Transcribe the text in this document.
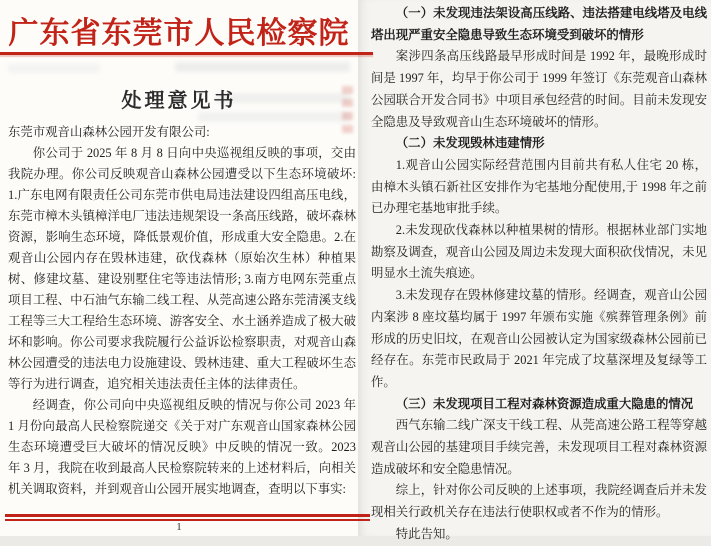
广东省东莞市人民检察院
处理意见书

东莞市观音山森林公园开发有限公司:

你公司于 2025 年 8 月 8 日向中央巡视组反映的事项，交由我院办理。你公司反映观音山森林公园遭受以下生态环境破坏: 1.广东电网有限责任公司东莞市供电局违法建设四组高压电线，东莞市樟木头镇樟洋电厂违法违规架设一条高压线路，破坏森林资源，影响生态环境，降低景观价值，形成重大安全隐患。2.在观音山公园内存在毁林违建，砍伐森林（原始次生林）种植果树、修建坟墓、建设别墅住宅等违法情形; 3.南方电网东莞重点项目工程、中石油气东输二线工程、从莞高速公路东莞清溪支线工程等三大工程给生态环境、游客安全、水土涵养造成了极大破坏和影响。你公司要求我院履行公益诉讼检察职责，对观音山森林公园遭受的违法电力设施建设、毁林违建、重大工程破坏生态等行为进行调查，追究相关违法责任主体的法律责任。

经调查，你公司向中央巡视组反映的情况与你公司 2023 年 1 月份向最高人民检察院递交《关于对广东观音山国家森林公园生态环境遭受巨大破坏的情况反映》中反映的情况一致。2023 年 3 月，我院在收到最高人民检察院转来的上述材料后，向相关机关调取资料，并到观音山公园开展实地调查，查明以下事实:

1

（一）未发现违法架设高压线路、违法搭建电线塔及电线塔出现严重安全隐患导致生态环境受到破坏的情形

案涉四条高压线路最早形成时间是 1992 年，最晚形成时间是 1997 年，均早于你公司于 1999 年签订《东莞观音山森林公园联合开发合同书》中项目承包经营的时间。目前未发现安全隐患及导致观音山生态环境破坏的情形。

（二）未发现毁林违建情形

1.观音山公园实际经营范围内目前共有私人住宅 20 栋，由樟木头镇石新社区安排作为宅基地分配使用,于 1998 年之前已办理宅基地审批手续。

2.未发现砍伐森林以种植果树的情形。根据林业部门实地勘察及调查，观音山公园及周边未发现大面积砍伐情况，未见明显水土流失痕迹。

3.未发现存在毁林修建坟墓的情形。经调查，观音山公园内案涉 8 座坟墓均属于 1997 年颁布实施《殡葬管理条例》前形成的历史旧坟，在观音山公园被认定为国家级森林公园前已经存在。东莞市民政局于 2021 年完成了坟墓深埋及复绿等工作。

（三）未发现项目工程对森林资源造成重大隐患的情况

西气东输二线广深支干线工程、从莞高速公路工程等穿越观音山公园的基建项目手续完善，未发现项目工程对森林资源造成破坏和安全隐患情况。

综上，针对你公司反映的上述事项，我院经调查后并未发现相关行政机关存在违法行使职权或者不作为的情形。

特此告知。
